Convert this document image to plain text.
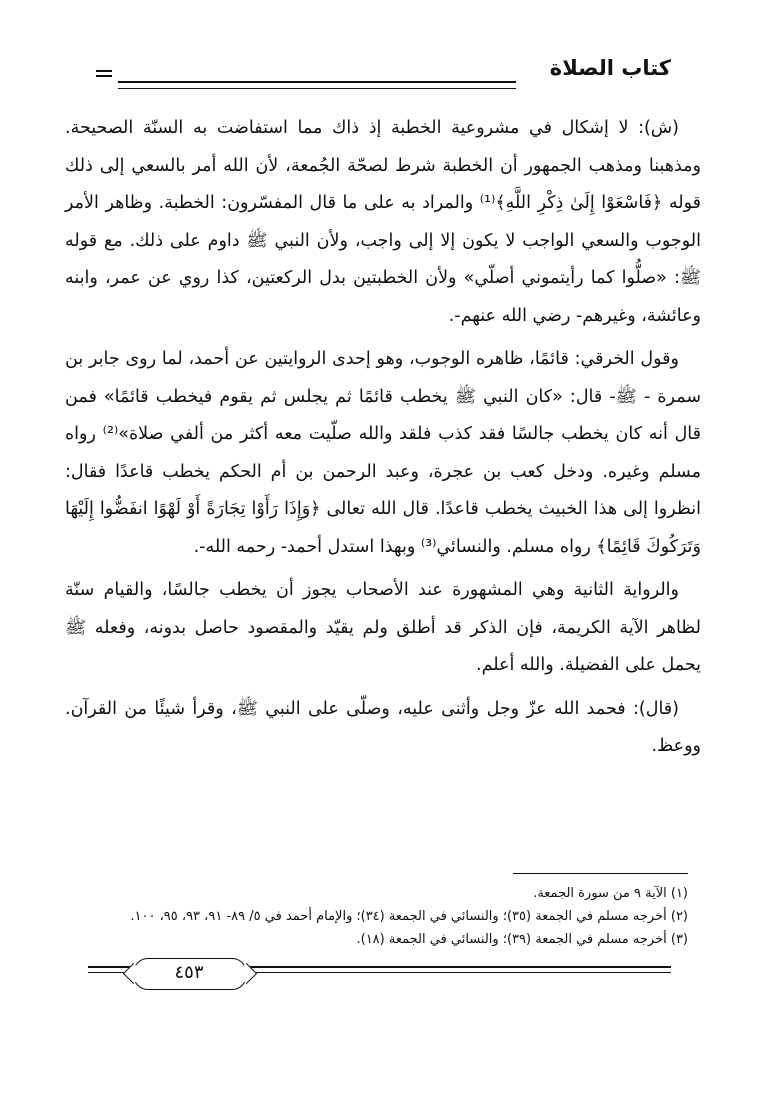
كتاب الصلاة

(ش): لا إشكال في مشروعية الخطبة إذ ذاك مما استفاضت به السنّة الصحيحة. ومذهبنا ومذهب الجمهور أن الخطبة شرط لصحّة الجُمعة، لأن الله أمر بالسعي إلى ذلك قوله ﴿فَاسْعَوْا إِلَىٰ ذِكْرِ اللَّهِ﴾⁽¹⁾ والمراد به على ما قال المفسّرون: الخطبة. وظاهر الأمر الوجوب والسعي الواجب لا يكون إلا إلى واجب، ولأن النبي ﷺ داوم على ذلك. مع قوله ﷺ: «صلُّوا كما رأيتموني أصلّي» ولأن الخطبتين بدل الركعتين، كذا روي عن عمر، وابنه وعائشة، وغيرهم- رضي الله عنهم-.

وقول الخرقي: قائمًا، ظاهره الوجوب، وهو إحدى الروايتين عن أحمد، لما روى جابر بن سمرة - ﷺ- قال: «كان النبي ﷺ يخطب قائمًا ثم يجلس ثم يقوم فيخطب قائمًا» فمن قال أنه كان يخطب جالسًا فقد كذب فلقد والله صلّيت معه أكثر من ألفي صلاة»⁽²⁾ رواه مسلم وغيره. ودخل كعب بن عجرة، وعبد الرحمن بن أم الحكم يخطب قاعدًا فقال: انظروا إلى هذا الخبيث يخطب قاعدًا. قال الله تعالى ﴿وَإِذَا رَأَوْا تِجَارَةً أَوْ لَهْوًا انفَضُّوا إِلَيْهَا وَتَرَكُوكَ قَائِمًا﴾ رواه مسلم. والنسائي⁽³⁾ وبهذا استدل أحمد- رحمه الله-.

والرواية الثانية وهي المشهورة عند الأصحاب يجوز أن يخطب جالسًا، والقيام سنّة لظاهر الآية الكريمة، فإن الذكر قد أطلق ولم يقيّد والمقصود حاصل بدونه، وفعله ﷺ يحمل على الفضيلة. والله أعلم.

(قال): فحمد الله عزّ وجل وأثنى عليه، وصلّى على النبي ﷺ، وقرأ شيئًا من القرآن. ووعظ.

(١) الآية ٩ من سورة الجمعة.
(٢) أخرجه مسلم في الجمعة (٣٥)؛ والنسائي في الجمعة (٣٤)؛ والإمام أحمد في ٥/ ٨٩- ٩١، ٩٣، ٩٥، ١٠٠.
(٣) أخرجه مسلم في الجمعة (٣٩)؛ والنسائي في الجمعة (١٨).
٤٥٣
